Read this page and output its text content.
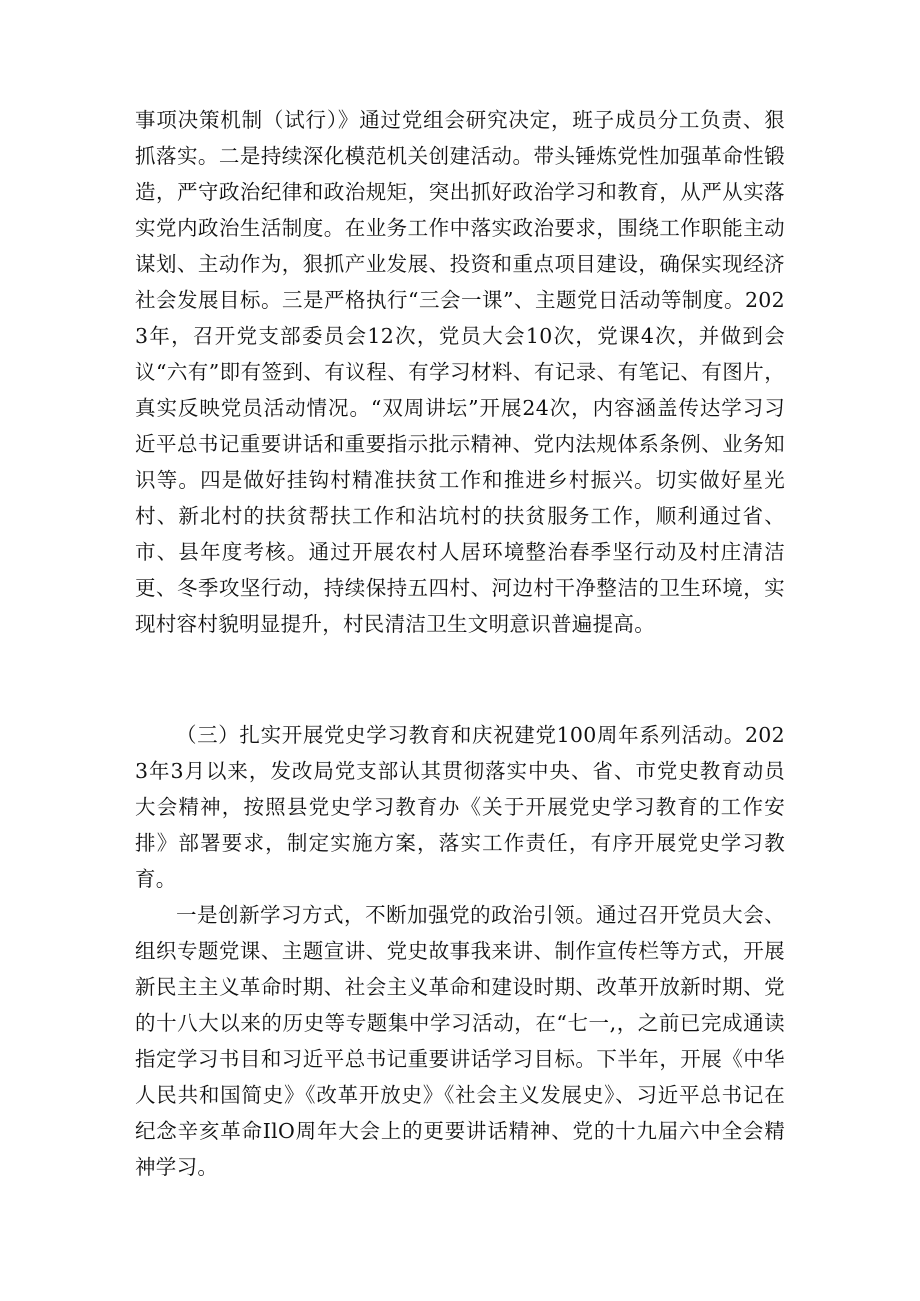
事项决策机制（试行）》通过党组会研究决定，班子成员分工负责、狠抓落实。二是持续深化模范机关创建活动。带头锤炼党性加强革命性锻造，严守政治纪律和政治规矩，突出抓好政治学习和教育，从严从实落实党内政治生活制度。在业务工作中落实政治要求，围绕工作职能主动谋划、主动作为，狠抓产业发展、投资和重点项目建设，确保实现经济社会发展目标。三是严格执行“三会一课”、主题党日活动等制度。2023年，召开党支部委员会12次，党员大会10次，党课4次，并做到会议“六有”即有签到、有议程、有学习材料、有记录、有笔记、有图片，真实反映党员活动情况。“双周讲坛”开展24次，内容涵盖传达学习习近平总书记重要讲话和重要指示批示精神、党内法规体系条例、业务知识等。四是做好挂钩村精准扶贫工作和推进乡村振兴。切实做好星光村、新北村的扶贫帮扶工作和沾坑村的扶贫服务工作，顺利通过省、市、县年度考核。通过开展农村人居环境整治春季坚行动及村庄清洁更、冬季攻坚行动，持续保持五四村、河边村干净整洁的卫生环境，实现村容村貌明显提升，村民清洁卫生文明意识普遍提高。

（三）扎实开展党史学习教育和庆祝建党100周年系列活动。2023年3月以来，发改局党支部认其贯彻落实中央、省、市党史教育动员大会精神，按照县党史学习教育办《关于开展党史学习教育的工作安排》部署要求，制定实施方案，落实工作责任，有序开展党史学习教育。

一是创新学习方式，不断加强党的政治引领。通过召开党员大会、组织专题党课、主题宣讲、党史故事我来讲、制作宣传栏等方式，开展新民主主义革命时期、社会主义革命和建设时期、改革开放新时期、党的十八大以来的历史等专题集中学习活动，在“七一,，之前已完成通读指定学习书目和习近平总书记重要讲话学习目标。下半年，开展《中华人民共和国简史》《改革开放史》《社会主义发展史》、习近平总书记在纪念辛亥革命IlO周年大会上的更要讲话精神、党的十九届六中全会精神学习。
